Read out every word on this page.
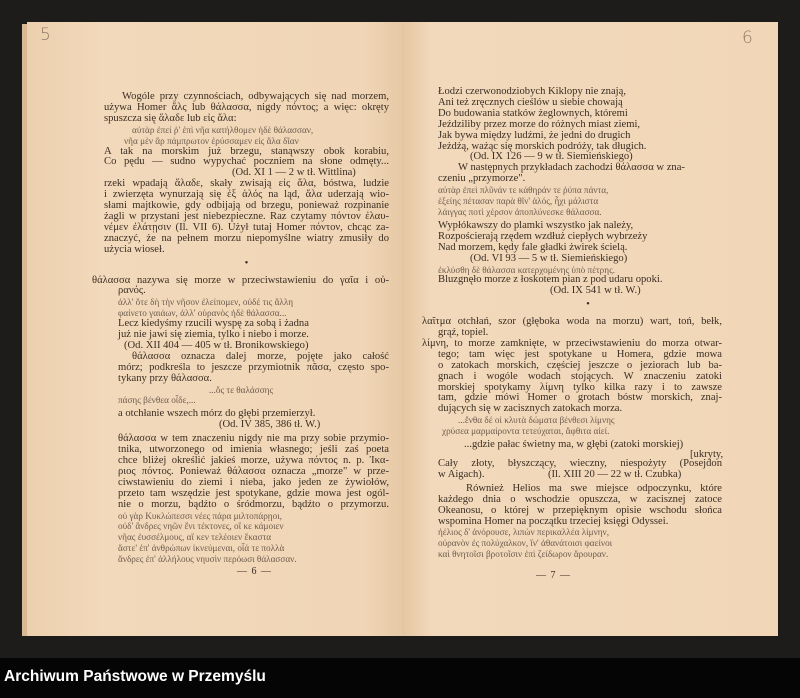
5
Wogóle przy czynnościach, odbywających się nad morzem,
używa Homer ἅλς lub θάλασσα, nigdy πόντος; a więc: okręty
spuszcza się ἅλαδε lub εἰς ἅλα:
αὐτὰρ ἐπεί ῥ' ἐπὶ νῆα κατήλθομεν ἠδὲ θάλασσαν,
νῆα μὲν ἄρ πάμπρωτον ἐρύσσαμεν εἰς ἅλα δῖαν
A tak na morskim już brzegu, stanąwszy obok korabiu,
Co pędu — sudno wypychać poczniem na słone odmęty...
(Od. XI 1 — 2 w tł. Wittlina)
rzeki wpadają ἅλαδε, skały zwisają εἰς ἅλα, bóstwa, ludzie
i zwierzęta wynurzają się ἐξ ἁλός na ląd, ἅλα uderzają wio-
słami majtkowie, gdy odbijają od brzegu, ponieważ rozpinanie
żagli w przystani jest niebezpieczne. Raz czytamy πόντον ἐλαυ-
νέμεν ἐλάτῃσιν (Il. VII 6). Użył tutaj Homer πόντον, chcąc za-
znaczyć, że na pełnem morzu niepomyślne wiatry zmusiły do
użycia wioseł.
•
θάλασσα nazywa się morze w przeciwstawieniu do γαῖα i οὐ-
ρανός.
ἀλλ' ὅτε δὴ τὴν νῆσον ἐλείπομεν, οὐδέ τις ἄλλη
φαίνετο γαιάων, ἀλλ' οὐρανὸς ἠδὲ θάλασσα...
Lecz kiedyśmy rzucili wyspę za sobą i żadna
już nie jawi się ziemia, tylko i niebo i morze.
(Od. XII 404 — 405 w tł. Bronikowskiego)
θάλασσα oznacza dalej morze, pojęte jako całość
mórz; podkreśla to jeszcze przymiotnik πᾶσα, często spo-
tykany przy θάλασσα.
...ὅς τε θαλάσσης
πάσης βένθεα οἶδε,...
a otchłanie wszech mórz do głębi przemierzył.
(Od. IV 385, 386 tł. W.)
θάλασσα w tem znaczeniu nigdy nie ma przy sobie przymio-
tnika, utworzonego od imienia własnego; jeśli zaś poeta
chce bliżej określić jakieś morze, używa πόντος n. p. Ἰκα-
ριος πόντος. Ponieważ θάλασσα oznacza „morze" w prze-
ciwstawieniu do ziemi i nieba, jako jeden ze żywiołów,
przeto tam wszędzie jest spotykane, gdzie mowa jest ogól-
nie o morzu, bądźto o śródmorzu, bądźto o przymorzu.
οὐ γὰρ Κυκλώπεσσι νέες πάρα μιλτοπάρῃοι,
οὐδ' ἄνδρες νηῶν ἔνι τέκτονες, οἵ κε κάμοιεν
νῆας ἐυσσέλμους, αἵ κεν τελέοιεν ἕκαστα
ἄστε' ἐπ' ἀνθρώπων ἱκνεύμεναι, οἷά τε πολλὰ
ἄνδρες ἐπ' ἀλλήλους νηυσὶν περόωσι θάλασσαν.
— 6 —
6
Łodzi czerwonodziobych Kiklopy nie znają,
Ani też zręcznych cieślów u siebie chowają
Do budowania statków żeglownych, któremi
Jeździliby przez morze do różnych miast ziemi,
Jak bywa między ludźmi, że jedni do drugich
Jeżdżą, ważąc się morskich podróży, tak długich.
(Od. IX 126 — 9 w tł. Siemieńskiego)
W następnych przykładach zachodzi θάλασσα w zna-
czeniu „przymorze".
αὐτὰρ ἐπεὶ πλῦνάν τε κάθηράν τε ῥύπα πάντα,
ἑξείης πέτασαν παρὰ θῖν' ἁλός, ἧχι μάλιστα
λάιγγας ποτὶ χέρσον ἀποπλύνεσκε θάλασσα.
Wypłókawszy do plamki wszystko jak należy,
Rozpościerają rzędem wzdłuż ciepłych wybrzeży
Nad morzem, kędy fale gładki żwirek ścielą.
(Od. VI 93 — 5 w tł. Siemieńskiego)
ἐκλύσθη δὲ θάλασσα κατερχομένης ὑπὸ πέτρης.
Bluzgnęło morze z łoskotem pian z pod udaru opoki.
(Od. IX 541 w tł. W.)
•
λαῖτμα otchłań, szor (głęboka woda na morzu) wart, toń, bełk,
grąź, topiel.
λίμνη, to morze zamknięte, w przeciwstawieniu do morza otwar-
tego; tam więc jest spotykane u Homera, gdzie mowa
o zatokach morskich, częściej jeszcze o jeziorach lub ba-
gnach i wogóle wodach stojących. W znaczeniu zatoki
morskiej spotykamy λίμνη tylko kilka razy i to zawsze
tam, gdzie mówi Homer o grotach bóstw morskich, znaj-
dujących się w zacisznych zatokach morza.
...ἔνθα δέ οἱ κλυτὰ δώματα βένθεσι λίμνης
χρύσεα μαρμαίροντα τετεύχαται, ἄφθιτα αἰεί.
...gdzie pałac świetny ma, w głębi (zatoki morskiej)
[ukryty,
Cały złoty, błyszczący, wieczny, niespożyty (Posejdon
w Aigach).	(Il. XIII 20 — 22 w tł. Czubka)
Również Helios ma swe miejsce odpoczynku, które
każdego dnia o wschodzie opuszcza, w zacisznej zatoce
Okeanosu, o której w przepięknym opisie wschodu słońca
wspomina Homer na początku trzeciej księgi Odyssei.
ἠέλιος δ' ἀνόρουσε, λιπὼν περικαλλέα λίμνην,
οὐρανὸν ἐς πολύχαλκον, ἵν' ἀθανάτοισι φαείνοι
καὶ θνητοῖσι βροτοῖσιν ἐπὶ ζείδωρον ἄρουραν.
— 7 —
Archiwum Państwowe w Przemyślu
